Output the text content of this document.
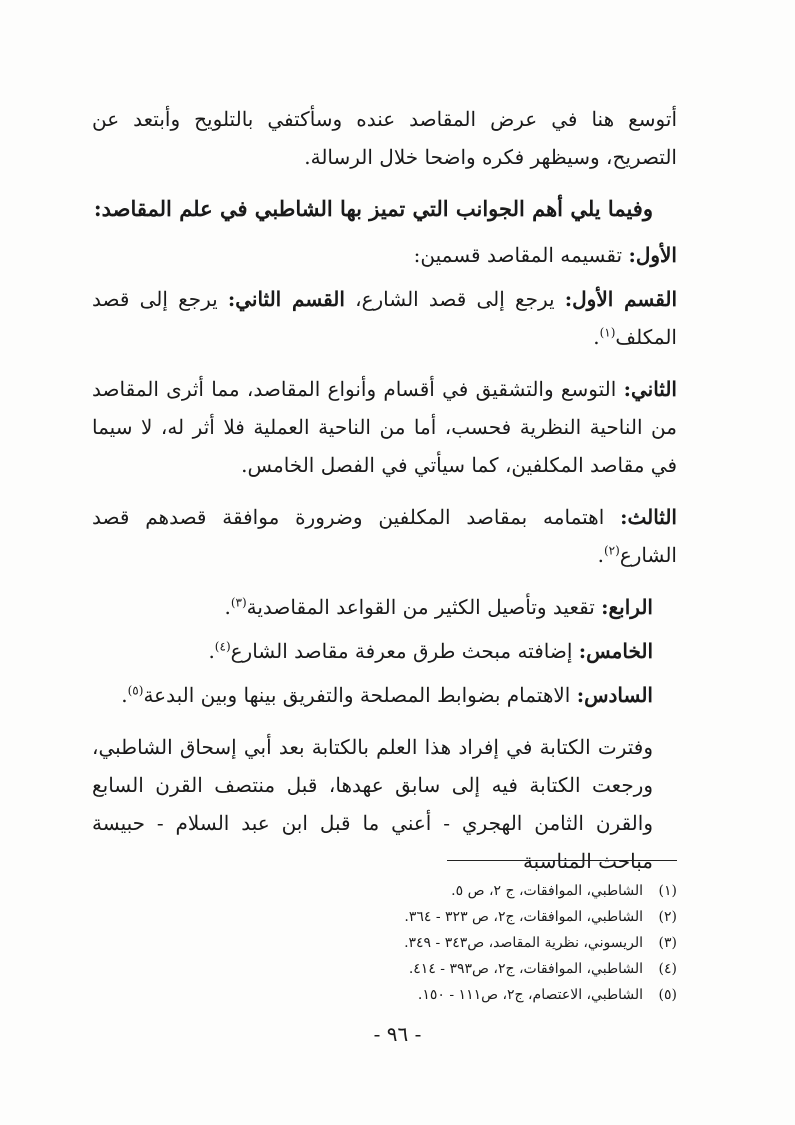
أتوسع هنا في عرض المقاصد عنده وسأكتفي بالتلويح وأبتعد عن التصريح، وسيظهر فكره واضحا خلال الرسالة.

وفيما يلي أهم الجوانب التي تميز بها الشاطبي في علم المقاصد:

الأول: تقسيمه المقاصد قسمين:

القسم الأول: يرجع إلى قصد الشارع، القسم الثاني: يرجع إلى قصد المكلف$^{(١)}$.

الثاني: التوسع والتشقيق في أقسام وأنواع المقاصد، مما أثرى المقاصد من الناحية النظرية فحسب، أما من الناحية العملية فلا أثر له، لا سيما في مقاصد المكلفين، كما سيأتي في الفصل الخامس.

الثالث: اهتمامه بمقاصد المكلفين وضرورة موافقة قصدهم قصد الشارع$^{(٢)}$.

الرابع: تقعيد وتأصيل الكثير من القواعد المقاصدية$^{(٣)}$.

الخامس: إضافته مبحث طرق معرفة مقاصد الشارع$^{(٤)}$.

السادس: الاهتمام بضوابط المصلحة والتفريق بينها وبين البدعة$^{(٥)}$.

وفترت الكتابة في إفراد هذا العلم بالكتابة بعد أبي إسحاق الشاطبي، ورجعت الكتابة فيه إلى سابق عهدها، قبل منتصف القرن السابع والقرن الثامن الهجري - أعني ما قبل ابن عبد السلام - حبيسة مباحث المناسبة

(١)الشاطبي، الموافقات، ج ٢، ص ٥.

(٢)الشاطبي، الموافقات، ج٢، ص ٣٢٣ - ٣٦٤.

(٣)الريسوني، نظرية المقاصد، ص٣٤٣ - ٣٤٩.

(٤)الشاطبي، الموافقات، ج٢، ص٣٩٣ - ٤١٤.

(٥)الشاطبي، الاعتصام، ج٢، ص١١١ - ١٥٠.

- ٩٦ -
